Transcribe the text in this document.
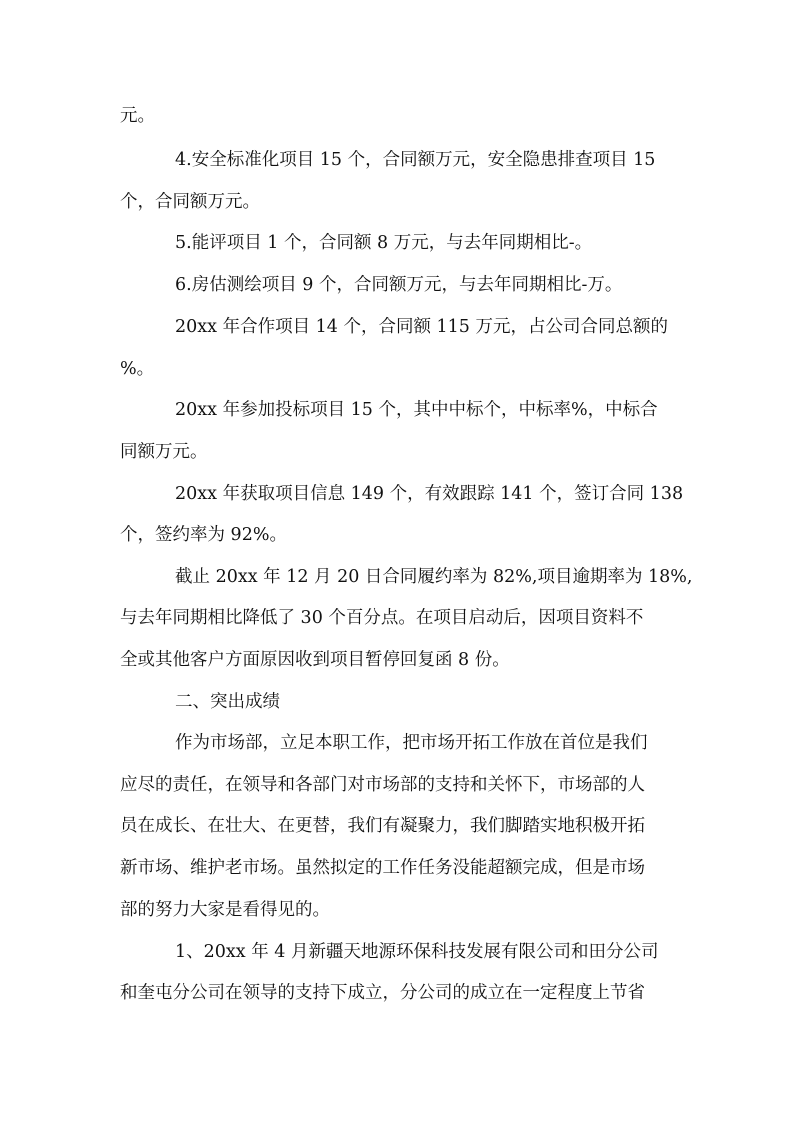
元。
4.安全标准化项目 15 个，合同额万元，安全隐患排查项目 15
个，合同额万元。
5.能评项目 1 个，合同额 8 万元，与去年同期相比-。
6.房估测绘项目 9 个，合同额万元，与去年同期相比-万。
20xx 年合作项目 14 个，合同额 115 万元，占公司合同总额的
%。
20xx 年参加投标项目 15 个，其中中标个，中标率%，中标合
同额万元。
20xx 年获取项目信息 149 个，有效跟踪 141 个，签订合同 138
个，签约率为 92%。
截止 20xx 年 12 月 20 日合同履约率为 82%,项目逾期率为 18%,
与去年同期相比降低了 30 个百分点。在项目启动后，因项目资料不
全或其他客户方面原因收到项目暂停回复函 8 份。
二、突出成绩
作为市场部，立足本职工作，把市场开拓工作放在首位是我们
应尽的责任，在领导和各部门对市场部的支持和关怀下，市场部的人
员在成长、在壮大、在更替，我们有凝聚力，我们脚踏实地积极开拓
新市场、维护老市场。虽然拟定的工作任务没能超额完成，但是市场
部的努力大家是看得见的。
1、20xx 年 4 月新疆天地源环保科技发展有限公司和田分公司
和奎屯分公司在领导的支持下成立，分公司的成立在一定程度上节省
